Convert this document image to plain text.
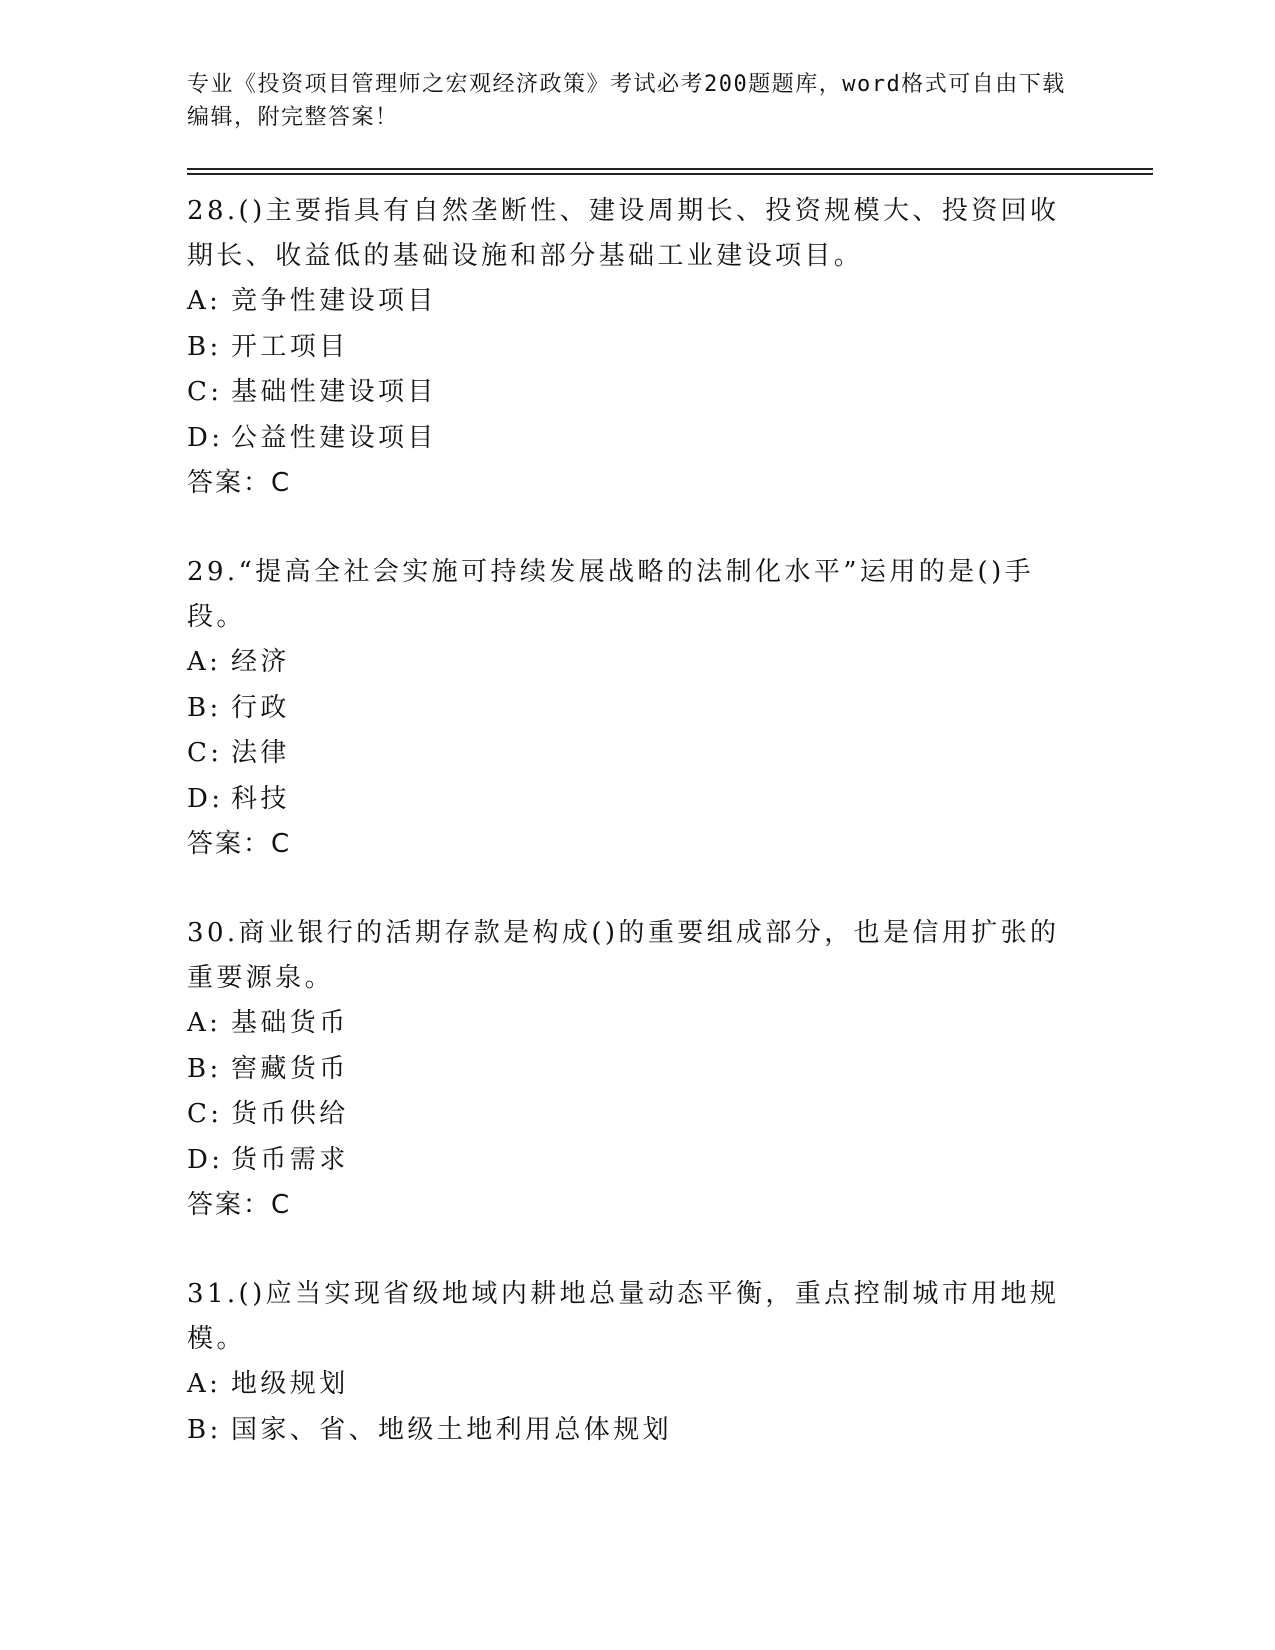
专业《投资项目管理师之宏观经济政策》考试必考200题题库，word格式可自由下载编辑，附完整答案！

28.()主要指具有自然垄断性、建设周期长、投资规模大、投资回收期长、收益低的基础设施和部分基础工业建设项目。

A: 竞争性建设项目

B: 开工项目

C: 基础性建设项目

D: 公益性建设项目

答案：C

29.“提高全社会实施可持续发展战略的法制化水平”运用的是()手段。

A: 经济

B: 行政

C: 法律

D: 科技

答案：C

30.商业银行的活期存款是构成()的重要组成部分，也是信用扩张的重要源泉。

A: 基础货币

B: 窖藏货币

C: 货币供给

D: 货币需求

答案：C

31.()应当实现省级地域内耕地总量动态平衡，重点控制城市用地规模。

A: 地级规划

B: 国家、省、地级土地利用总体规划
